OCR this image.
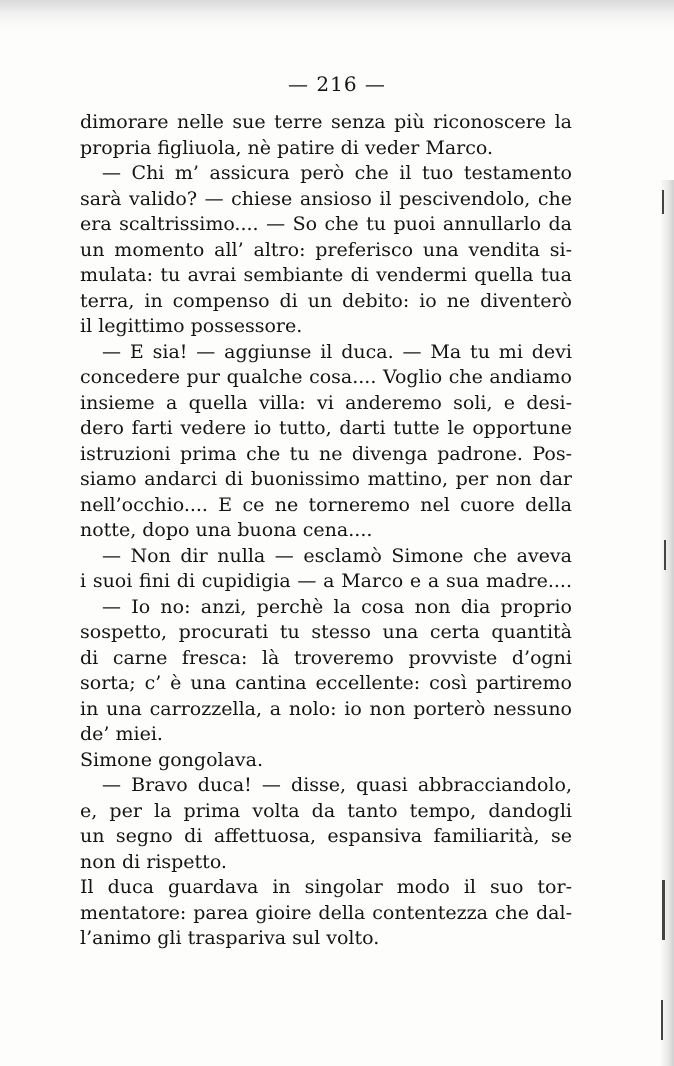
— 216 —
dimorare nelle sue terre senza più riconoscere la
propria figliuola, nè patire di veder Marco.
— Chi m’ assicura però che il tuo testamento
sarà valido? — chiese ansioso il pescivendolo, che
era scaltrissimo.... — So che tu puoi annullarlo da
un momento all’ altro: preferisco una vendita si-
mulata: tu avrai sembiante di vendermi quella tua
terra, in compenso di un debito: io ne diventerò
il legittimo possessore.
— E sia! — aggiunse il duca. — Ma tu mi devi
concedere pur qualche cosa.... Voglio che andiamo
insieme a quella villa: vi anderemo soli, e desi-
dero farti vedere io tutto, darti tutte le opportune
istruzioni prima che tu ne divenga padrone. Pos-
siamo andarci di buonissimo mattino, per non dar
nell’occhio.... E ce ne torneremo nel cuore della
notte, dopo una buona cena....
— Non dir nulla — esclamò Simone che aveva
i suoi fini di cupidigia — a Marco e a sua madre....
— Io no: anzi, perchè la cosa non dia proprio
sospetto, procurati tu stesso una certa quantità
di carne fresca: là troveremo provviste d’ogni
sorta; c’ è una cantina eccellente: così partiremo
in una carrozzella, a nolo: io non porterò nessuno
de’ miei.
Simone gongolava.
— Bravo duca! — disse, quasi abbracciandolo,
e, per la prima volta da tanto tempo, dandogli
un segno di affettuosa, espansiva familiarità, se
non di rispetto.
Il duca guardava in singolar modo il suo tor-
mentatore: parea gioire della contentezza che dal-
l’animo gli traspariva sul volto.
